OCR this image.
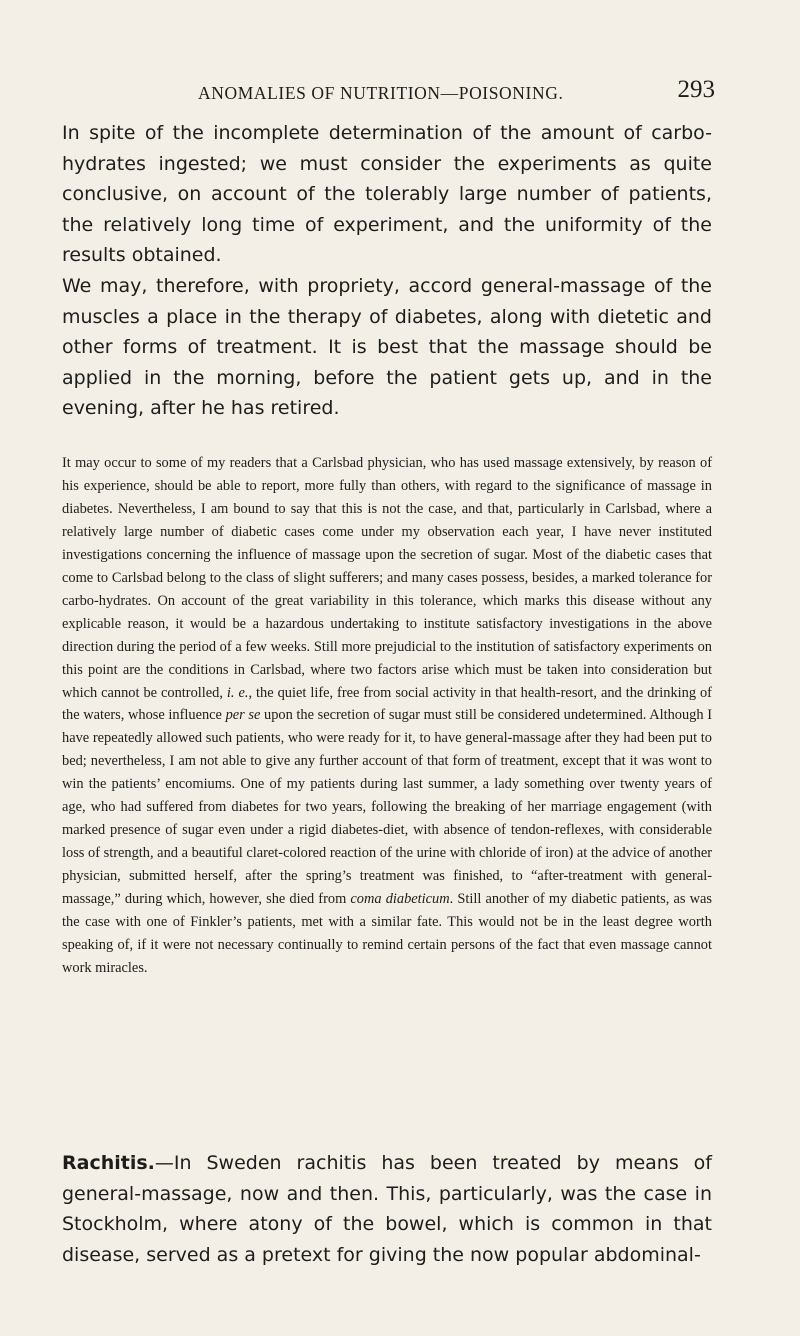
ANOMALIES OF NUTRITION—POISONING.	293

In spite of the incomplete determination of the amount of carbo-hydrates ingested; we must consider the experiments as quite conclusive, on account of the tolerably large number of patients, the relatively long time of experiment, and the uniformity of the results obtained.

We may, therefore, with propriety, accord general-massage of the muscles a place in the therapy of diabetes, along with dietetic and other forms of treatment. It is best that the massage should be applied in the morning, before the patient gets up, and in the evening, after he has retired.

It may occur to some of my readers that a Carlsbad physician, who has used massage extensively, by reason of his experience, should be able to report, more fully than others, with regard to the significance of massage in diabetes. Nevertheless, I am bound to say that this is not the case, and that, particularly in Carlsbad, where a relatively large number of diabetic cases come under my observation each year, I have never instituted investigations concerning the influence of massage upon the secretion of sugar. Most of the diabetic cases that come to Carlsbad belong to the class of slight sufferers; and many cases possess, besides, a marked tolerance for carbo-hydrates. On account of the great variability in this tolerance, which marks this disease without any explicable reason, it would be a hazardous undertaking to institute satisfactory investigations in the above direction during the period of a few weeks. Still more prejudicial to the institution of satisfactory experiments on this point are the conditions in Carlsbad, where two factors arise which must be taken into consideration but which cannot be controlled, i. e., the quiet life, free from social activity in that health-resort, and the drinking of the waters, whose influence per se upon the secretion of sugar must still be considered undetermined. Although I have repeatedly allowed such patients, who were ready for it, to have general-massage after they had been put to bed; nevertheless, I am not able to give any further account of that form of treatment, except that it was wont to win the patients’ encomiums. One of my patients during last summer, a lady something over twenty years of age, who had suffered from diabetes for two years, following the breaking of her marriage engagement (with marked presence of sugar even under a rigid diabetes-diet, with absence of tendon-reflexes, with considerable loss of strength, and a beautiful claret-colored reaction of the urine with chloride of iron) at the advice of another physician, submitted herself, after the spring’s treatment was finished, to “after-treatment with general-massage,” during which, however, she died from coma diabeticum. Still another of my diabetic patients, as was the case with one of Finkler’s patients, met with a similar fate. This would not be in the least degree worth speaking of, if it were not necessary continually to remind certain persons of the fact that even massage cannot work miracles.

Rachitis.—In Sweden rachitis has been treated by means of general-massage, now and then. This, particularly, was the case in Stockholm, where atony of the bowel, which is common in that disease, served as a pretext for giving the now popular abdominal-
